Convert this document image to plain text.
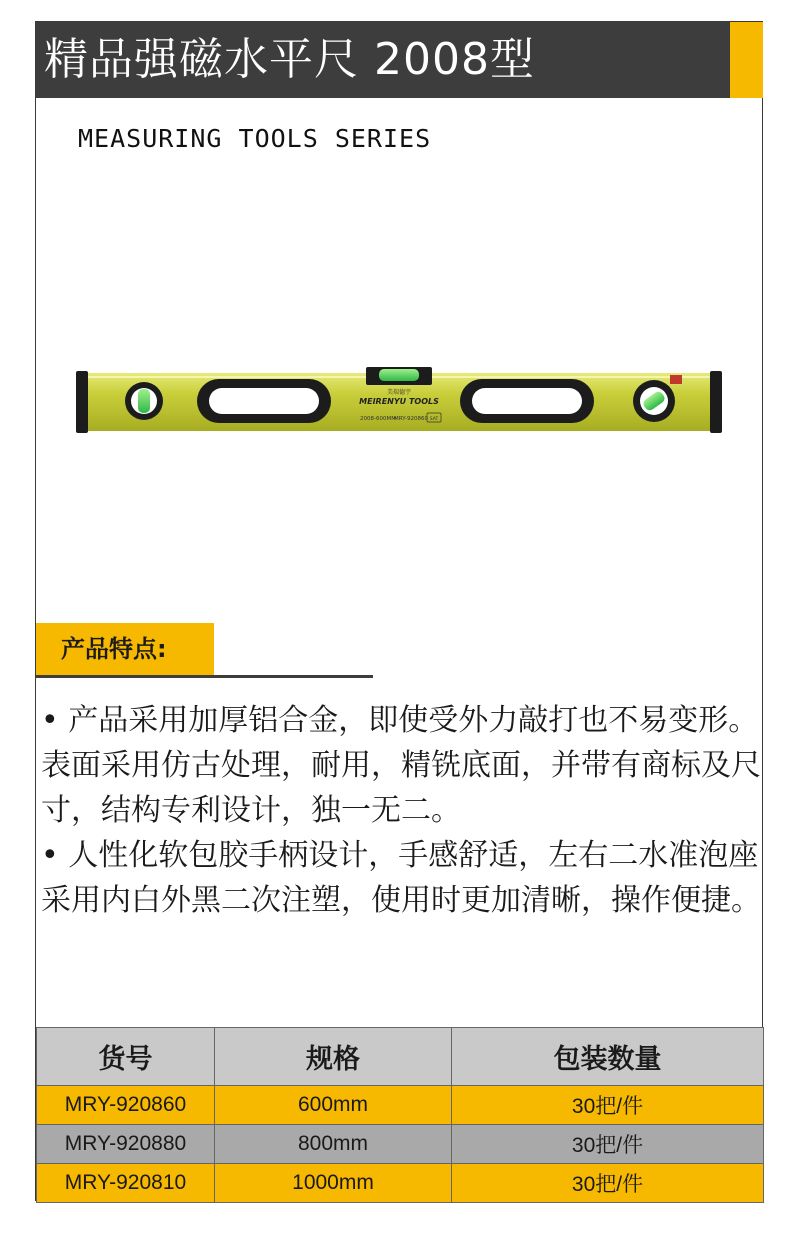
精品强磁水平尺 2008型
MEASURING TOOLS SERIES
美瑞德宇
MEIRENYU TOOLS
2008-600MM
MRY-920860 SAT
产品特点:
• 产品采用加厚铝合金，即使受外力敲打也不易变形。表面采用仿古处理，耐用，精铣底面，并带有商标及尺寸，结构专利设计，独一无二。
• 人性化软包胶手柄设计，手感舒适，左右二水准泡座采用内白外黑二次注塑，使用时更加清晰，操作便捷。
货号	规格	包装数量
MRY-920860	600mm	30把/件
MRY-920880	800mm	30把/件
MRY-920810	1000mm	30把/件
